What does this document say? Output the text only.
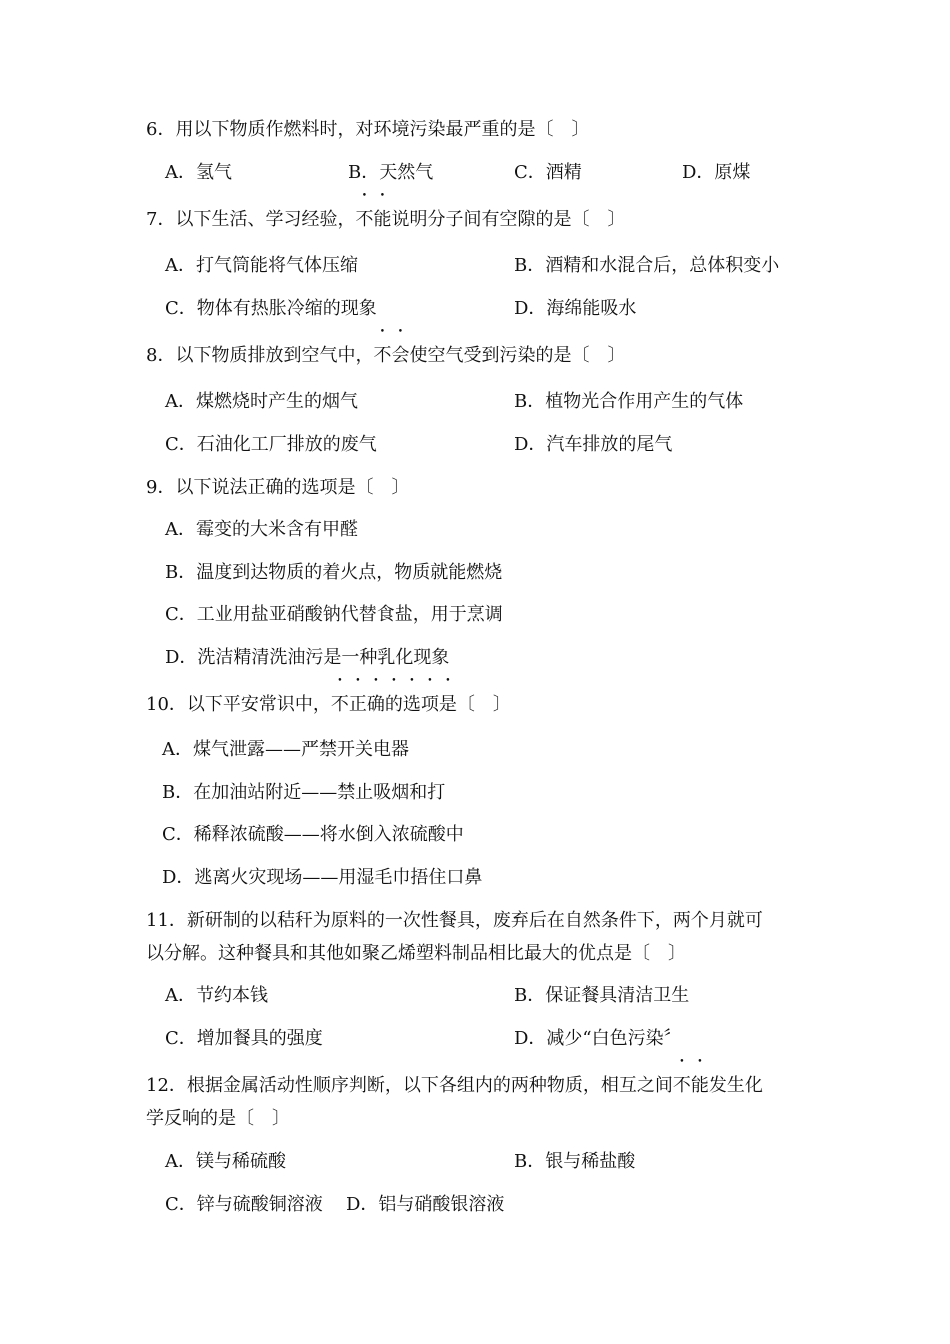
6．用以下物质作燃料时，对环境污染最严重的是〔　〕
A．氢气	B．天然气	C．酒精	D．原煤
7．以下生活、学习经验，不能说明分子间有空隙的是〔　〕
A．打气筒能将气体压缩	B．酒精和水混合后，总体积变小
C．物体有热胀冷缩的现象	D．海绵能吸水
8．以下物质排放到空气中，不会使空气受到污染的是〔　〕
A．煤燃烧时产生的烟气	B．植物光合作用产生的气体
C．石油化工厂排放的废气	D．汽车排放的尾气
9．以下说法正确的选项是〔　〕
A．霉变的大米含有甲醛
B．温度到达物质的着火点，物质就能燃烧
C．工业用盐亚硝酸钠代替食盐，用于烹调
D．洗洁精清洗油污是一种乳化现象
10．以下平安常识中，不正确的选项是〔　〕
A．煤气泄露——严禁开关电器
B．在加油站附近——禁止吸烟和打
C．稀释浓硫酸——将水倒入浓硫酸中
D．逃离火灾现场——用湿毛巾捂住口鼻
11．新研制的以秸秆为原料的一次性餐具，废弃后在自然条件下，两个月就可
以分解。这种餐具和其他如聚乙烯塑料制品相比最大的优点是〔　〕
A．节约本钱	B．保证餐具清洁卫生
C．增加餐具的强度	D．减少“白色污染〞
12．根据金属活动性顺序判断，以下各组内的两种物质，相互之间不能发生化
学反响的是〔　〕
A．镁与稀硫酸	B．银与稀盐酸
C．锌与硫酸铜溶液 D．铝与硝酸银溶液
